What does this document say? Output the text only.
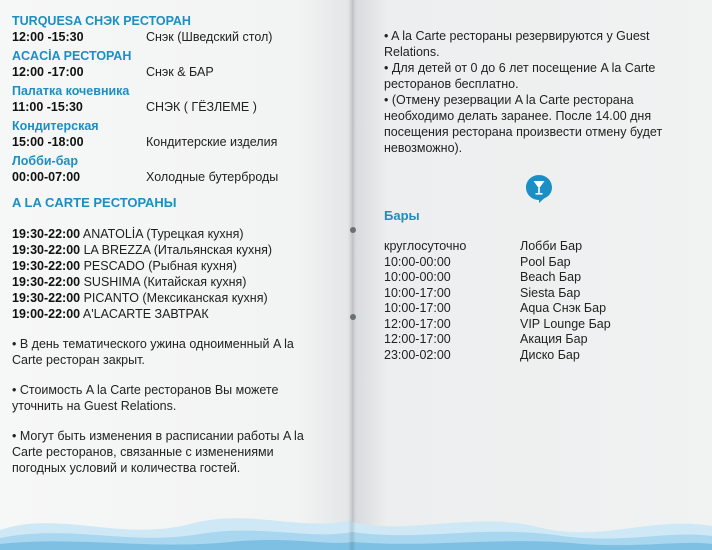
TURQUESA СНЭК РЕСТОРАН
12:00 -15:30	Снэк (Шведский стол)
ACACİA РЕСТОРАН
12:00 -17:00	Снэк & БАР
Палатка кочевника
11:00 -15:30	СНЭК ( ГЁЗЛЕМЕ )
Кондитерская
15:00 -18:00	Кондитерские изделия
Лобби-бар
00:00-07:00	Холодные бутерброды
A LA CARTE РЕСТОРАНЫ
19:30-22:00 ANATOLİA (Турецкая кухня)
19:30-22:00 LA BREZZA (Итальянская кухня)
19:30-22:00 PESCADO (Рыбная кухня)
19:30-22:00 SUSHIMA (Китайская кухня)
19:30-22:00 PICANTO (Мексиканская кухня)
19:00-22:00 A'LACARTE ЗАВТРАК

• В день тематического ужина одноименный A la Carte ресторан закрыт.

• Стоимость A la Carte ресторанов Вы можете уточнить на Guest Relations.

• Могут быть изменения в расписании работы A la Carte ресторанов, связанные с изменениями погодных условий и количества гостей.

• A la Carte рестораны резервируются у Guest Relations.

• Для детей от 0 до 6 лет посещение A la Carte ресторанов бесплатно.

• (Отмену резервации A la Carte ресторана необходимо делать заранее. После 14.00 дня посещения ресторана произвести отмену будет невозможно).

Бары
круглосуточно	Лобби Бар
10:00-00:00	Pool Бар
10:00-00:00	Beach Бар
10:00-17:00	Siesta Бар
10:00-17:00	Aqua Снэк Бар
12:00-17:00	VIP Lounge Бар
12:00-17:00	Акация Бар
23:00-02:00	Диско Бар
